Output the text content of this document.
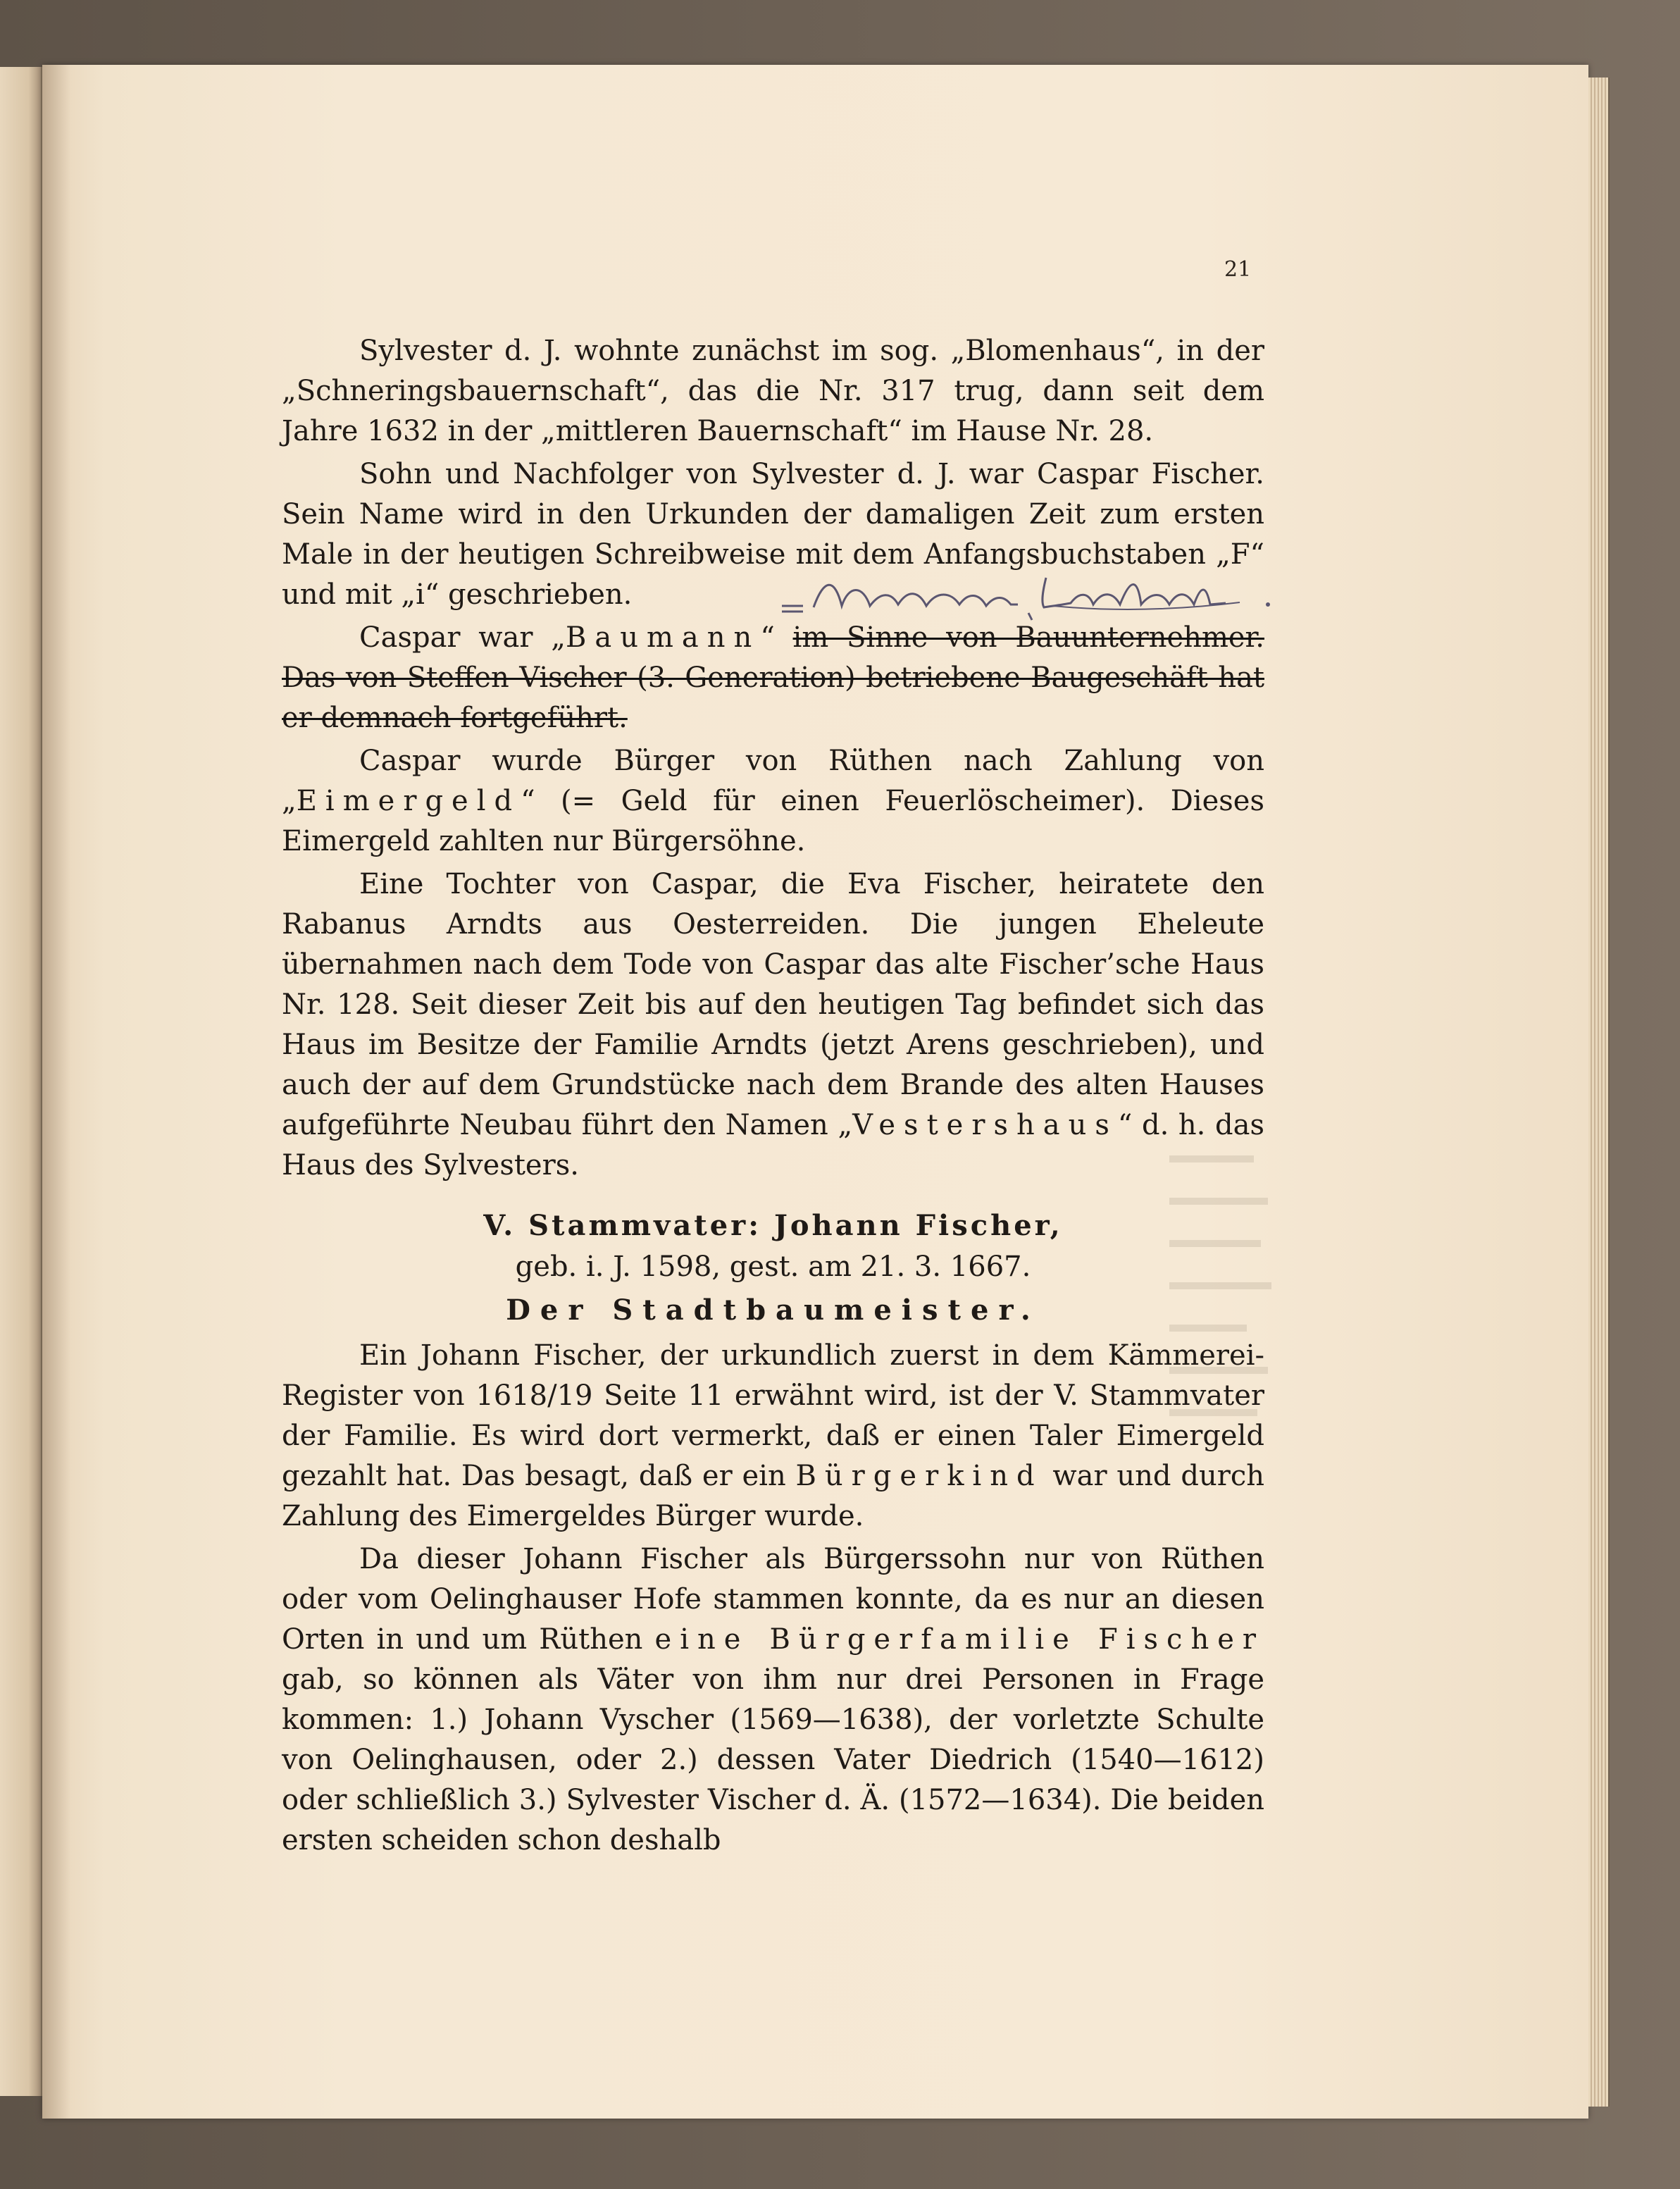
21

Sylvester d. J. wohnte zunächst im sog. „Blomenhaus“, in der „Schneringsbauernschaft“, das die Nr. 317 trug, dann seit dem Jahre 1632 in der „mittleren Bauernschaft“ im Hause Nr. 28.

Sohn und Nachfolger von Sylvester d. J. war Caspar Fischer. Sein Name wird in den Urkunden der damaligen Zeit zum ersten Male in der heutigen Schreibweise mit dem Anfangsbuchstaben „F“ und mit „i“ geschrieben.

Caspar war „Baumann“ im Sinne von Bauunternehmer. Das von Steffen Vischer (3. Generation) betriebene Baugeschäft hat er demnach fortgeführt.

Caspar wurde Bürger von Rüthen nach Zahlung von „Eimergeld“ (= Geld für einen Feuerlöscheimer). Dieses Eimergeld zahlten nur Bürgersöhne.

Eine Tochter von Caspar, die Eva Fischer, heiratete den Rabanus Arndts aus Oesterreiden. Die jungen Eheleute übernahmen nach dem Tode von Caspar das alte Fischer’sche Haus Nr. 128. Seit dieser Zeit bis auf den heutigen Tag befindet sich das Haus im Besitze der Familie Arndts (jetzt Arens geschrieben), und auch der auf dem Grundstücke nach dem Brande des alten Hauses aufgeführte Neubau führt den Namen „Vestershaus“ d. h. das Haus des Sylvesters.

V. Stammvater: Johann Fischer,

geb. i. J. 1598, gest. am 21. 3. 1667.

Der Stadtbaumeister.

Ein Johann Fischer, der urkundlich zuerst in dem Kämmerei-Register von 1618/19 Seite 11 erwähnt wird, ist der V. Stammvater der Familie. Es wird dort vermerkt, daß er einen Taler Eimergeld gezahlt hat. Das besagt, daß er ein Bürgerkind war und durch Zahlung des Eimergeldes Bürger wurde.

Da dieser Johann Fischer als Bürgerssohn nur von Rüthen oder vom Oelinghauser Hofe stammen konnte, da es nur an diesen Orten in und um Rüthen eine Bürgerfamilie Fischer gab, so können als Väter von ihm nur drei Personen in Frage kommen: 1.) Johann Vyscher (1569—1638), der vorletzte Schulte von Oelinghausen, oder 2.) dessen Vater Diedrich (1540—1612) oder schließlich 3.) Sylvester Vischer d. Ä. (1572—1634). Die beiden ersten scheiden schon deshalb
